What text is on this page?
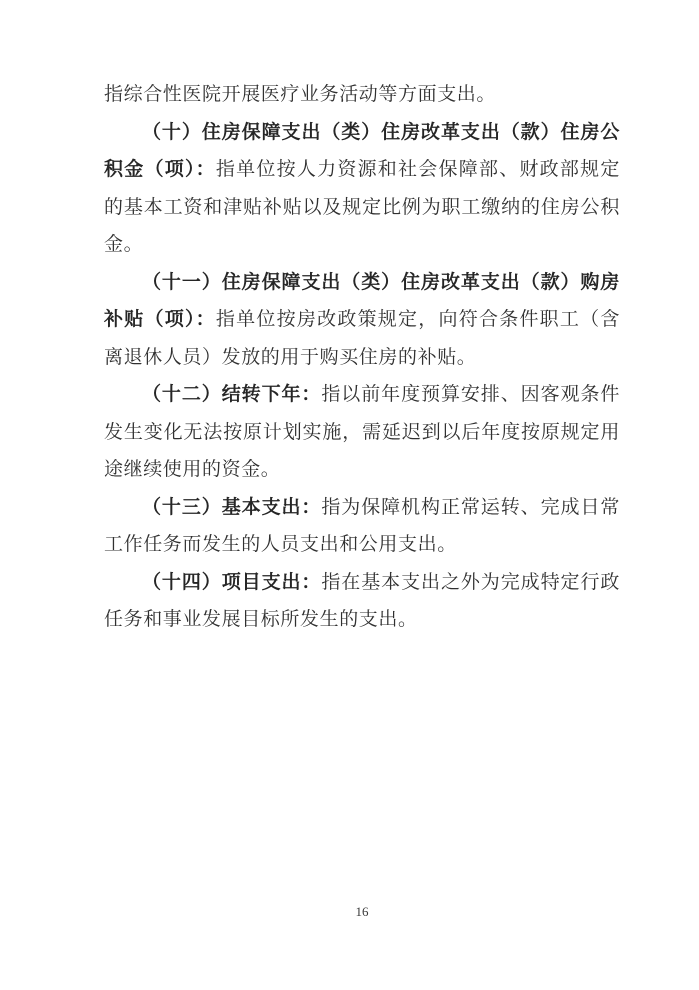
指综合性医院开展医疗业务活动等方面支出。

（十）住房保障支出（类）住房改革支出（款）住房公积金（项）：指单位按人力资源和社会保障部、财政部规定的基本工资和津贴补贴以及规定比例为职工缴纳的住房公积金。

（十一）住房保障支出（类）住房改革支出（款）购房补贴（项）：指单位按房改政策规定，向符合条件职工（含离退休人员）发放的用于购买住房的补贴。

（十二）结转下年：指以前年度预算安排、因客观条件发生变化无法按原计划实施，需延迟到以后年度按原规定用途继续使用的资金。

（十三）基本支出：指为保障机构正常运转、完成日常工作任务而发生的人员支出和公用支出。

（十四）项目支出：指在基本支出之外为完成特定行政任务和事业发展目标所发生的支出。

16
